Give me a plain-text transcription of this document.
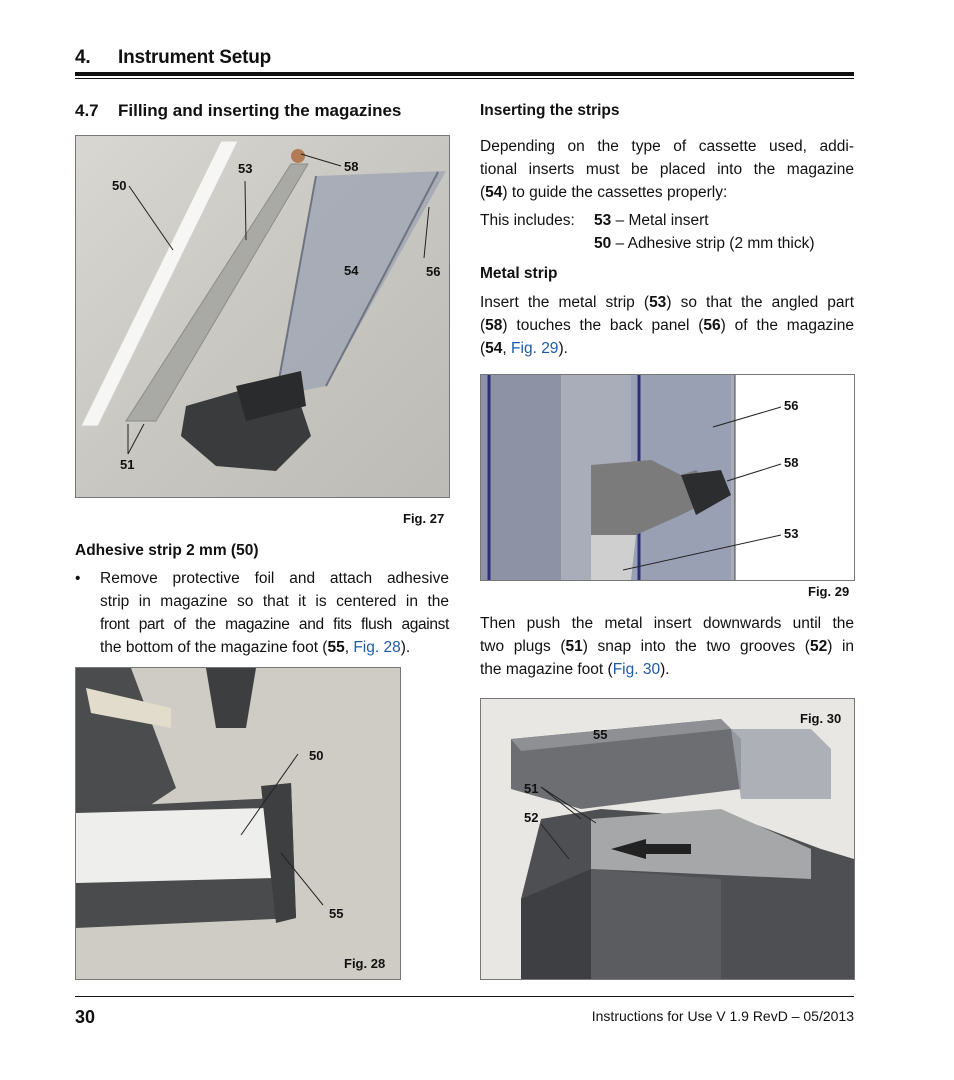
4. Instrument Setup
4.7 Filling and inserting the magazines
50
53	58
54	56
51
Fig. 27
Adhesive strip 2 mm (50)
•	Remove protective foil and attach adhesive
strip in magazine so that it is centered in the
front part of the magazine and fits flush against
the bottom of the magazine foot (55, Fig. 28).
50
55
Fig. 28
Inserting the strips
Depending on the type of cassette used, addi-
tional inserts must be placed into the magazine
(54) to guide the cassettes properly:
This includes: 53 – Metal insert
50 – Adhesive strip (2 mm thick)
Metal strip
Insert the metal strip (53) so that the angled part
(58) touches the back panel (56) of the magazine
(54, Fig. 29).
56
58
53
Fig. 29
Then push the metal insert downwards until the
two plugs (51) snap into the two grooves (52) in
the magazine foot (Fig. 30).
55
51
52
Fig. 30
30	Instructions for Use V 1.9 RevD – 05/2013
